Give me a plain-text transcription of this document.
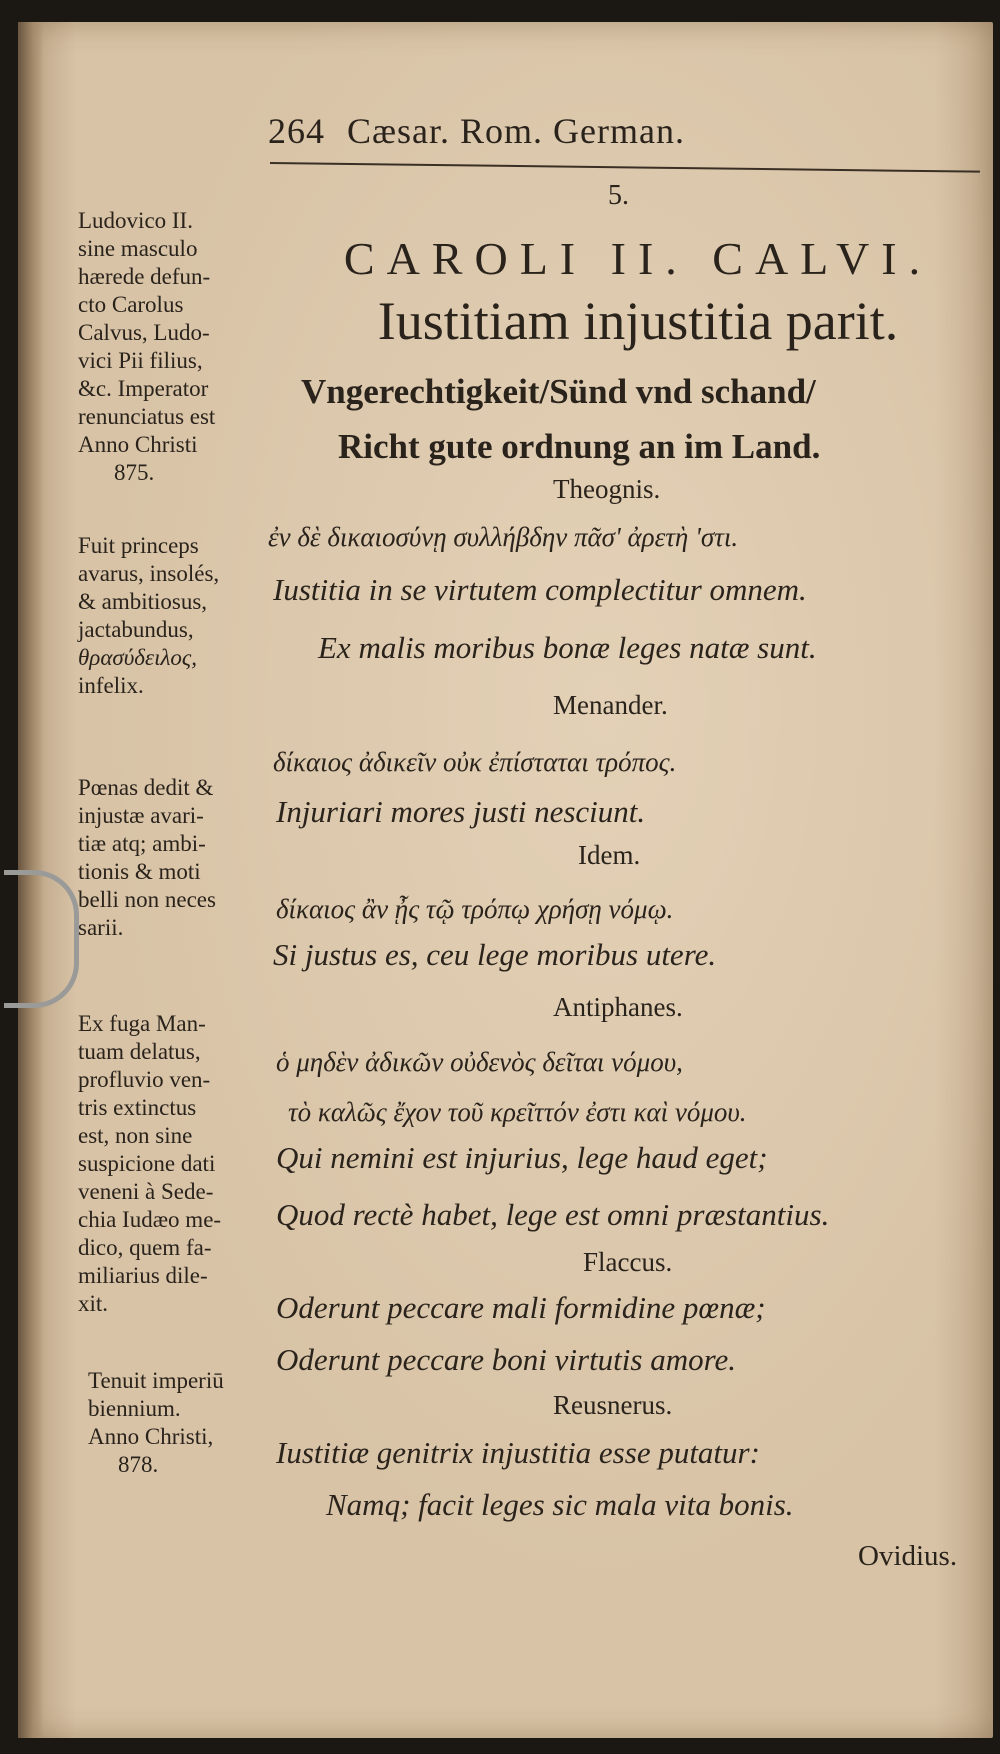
264 Cæsar. Rom. German.
Ludovico II.
sine masculo
hærede defun-
cto Carolus
Calvus, Ludo-
vici Pii filius,
&c. Imperator
renunciatus est
Anno Christi
875.
Fuit princeps
avarus, insolés,
& ambitiosus,
jactabundus,
θρασύδειλος,
infelix.
Pœnas dedit &
injustæ avari-
tiæ atq; ambi-
tionis & moti
belli non neces
sarii.
Ex fuga Man-
tuam delatus,
profluvio ven-
tris extinctus
est, non sine
suspicione dati
veneni à Sede-
chia Iudæo me-
dico, quem fa-
miliarius dile-
xit.
Tenuit imperiū
biennium.
Anno Christi,
878.
5.
CAROLI II. CALVI.
Iustitiam injustitia parit.
Vngerechtigkeit/Sünd vnd schand/
Richt gute ordnung an im Land.
Theognis.
ἐν δὲ δικαιοσύνῃ συλλήβδην πᾶσ' ἀρετὴ 'στι.
Iustitia in se virtutem complectitur omnem.
Ex malis moribus bonæ leges natæ sunt.
Menander.
δίκαιος ἀδικεῖν οὐκ ἐπίσταται τρόπος.
Injuriari mores justi nesciunt.
Idem.
δίκαιος ἂν ᾖς τῷ τρόπῳ χρήσῃ νόμῳ.
Si justus es, ceu lege moribus utere.
Antiphanes.
ὁ μηδὲν ἀδικῶν οὐδενὸς δεῖται νόμου,
τὸ καλῶς ἔχον τοῦ κρεῖττόν ἐστι καὶ νόμου.
Qui nemini est injurius, lege haud eget;
Quod rectè habet, lege est omni præstantius.
Flaccus.
Oderunt peccare mali formidine pœnæ;
Oderunt peccare boni virtutis amore.
Reusnerus.
Iustitiæ genitrix injustitia esse putatur:
Namq; facit leges sic mala vita bonis.
Ovidius.
